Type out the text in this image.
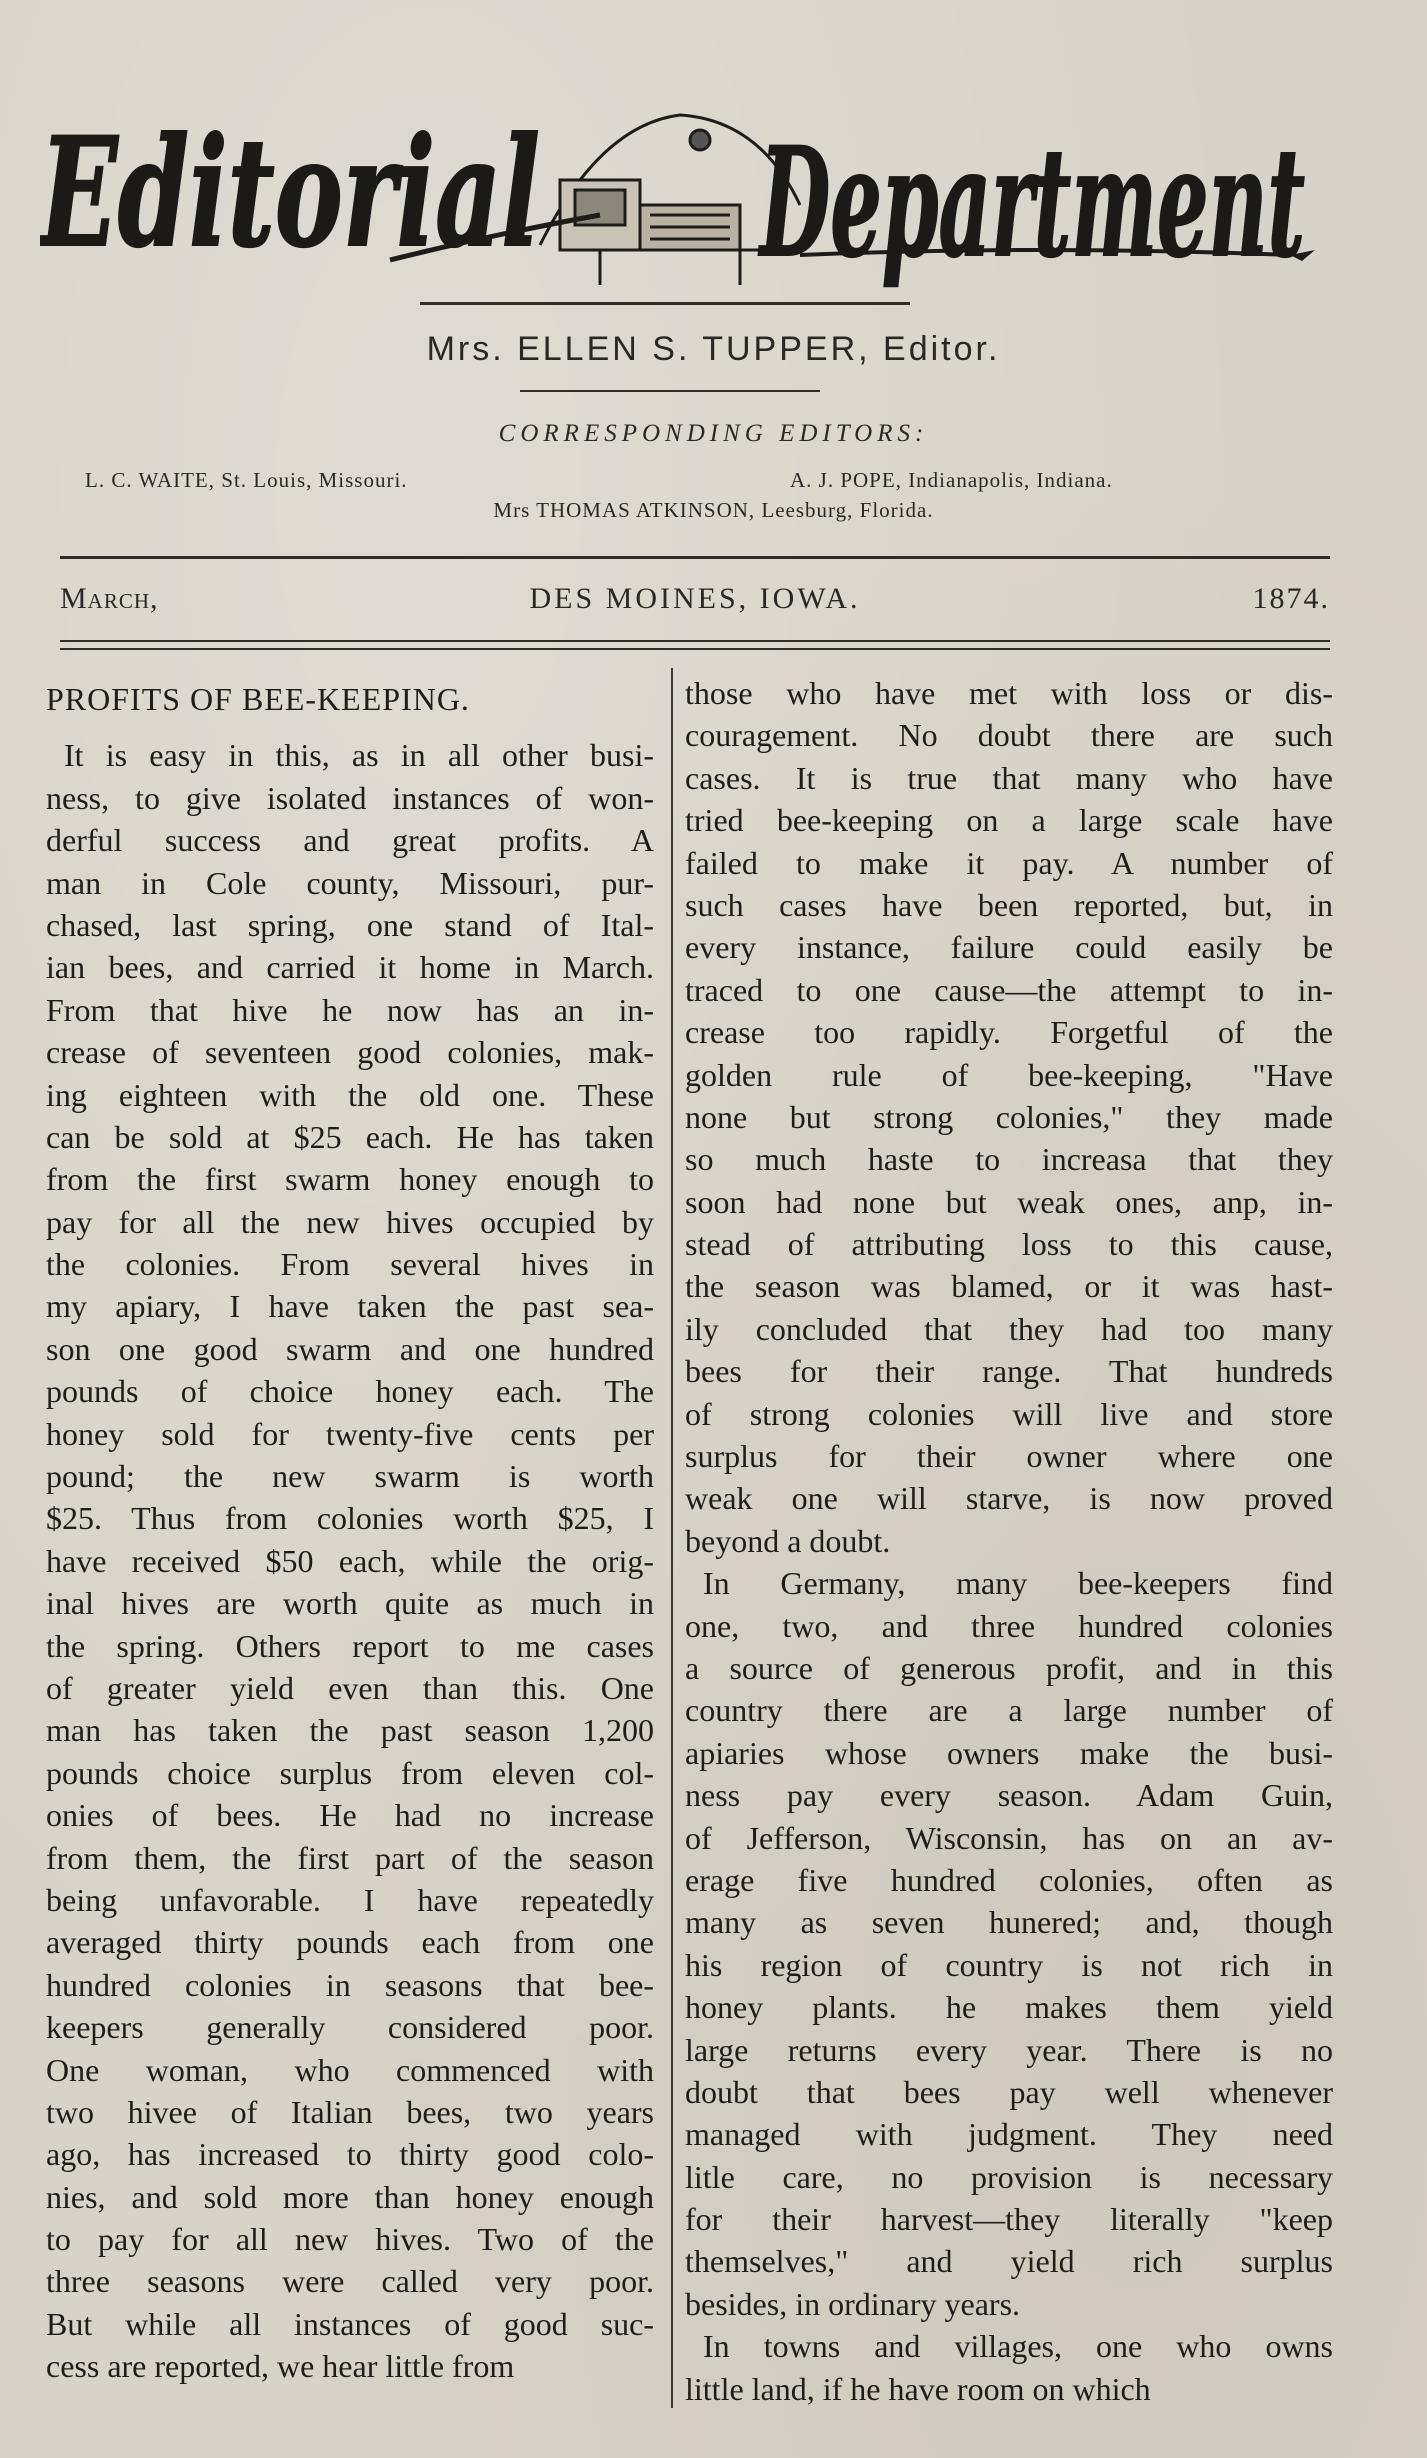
Editorial Department
Mrs. ELLEN S. TUPPER, Editor.
CORRESPONDING EDITORS:
L. C. WAITE, St. Louis, Missouri.	A. J. POPE, Indianapolis, Indiana.
Mrs THOMAS ATKINSON, Leesburg, Florida.
March,	DES MOINES, IOWA.	1874.
PROFITS OF BEE-KEEPING.
It is easy in this, as in all other busi-
ness, to give isolated instances of won-
derful success and great profits. A
man in Cole county, Missouri, pur-
chased, last spring, one stand of Ital-
ian bees, and carried it home in March.
From that hive he now has an in-
crease of seventeen good colonies, mak-
ing eighteen with the old one. These
can be sold at $25 each. He has taken
from the first swarm honey enough to
pay for all the new hives occupied by
the colonies. From several hives in
my apiary, I have taken the past sea-
son one good swarm and one hundred
pounds of choice honey each. The
honey sold for twenty-five cents per
pound; the new swarm is worth
$25. Thus from colonies worth $25, I
have received $50 each, while the orig-
inal hives are worth quite as much in
the spring. Others report to me cases
of greater yield even than this. One
man has taken the past season 1,200
pounds choice surplus from eleven col-
onies of bees. He had no increase
from them, the first part of the season
being unfavorable. I have repeatedly
averaged thirty pounds each from one
hundred colonies in seasons that bee-
keepers generally considered poor.
One woman, who commenced with
two hivee of Italian bees, two years
ago, has increased to thirty good colo-
nies, and sold more than honey enough
to pay for all new hives. Two of the
three seasons were called very poor.
But while all instances of good suc-
cess are reported, we hear little from
those who have met with loss or dis-
couragement. No doubt there are such
cases. It is true that many who have
tried bee-keeping on a large scale have
failed to make it pay. A number of
such cases have been reported, but, in
every instance, failure could easily be
traced to one cause—the attempt to in-
crease too rapidly. Forgetful of the
golden rule of bee-keeping, "Have
none but strong colonies," they made
so much haste to increasa that they
soon had none but weak ones, anp, in-
stead of attributing loss to this cause,
the season was blamed, or it was hast-
ily concluded that they had too many
bees for their range. That hundreds
of strong colonies will live and store
surplus for their owner where one
weak one will starve, is now proved
beyond a doubt.
In Germany, many bee-keepers find
one, two, and three hundred colonies
a source of generous profit, and in this
country there are a large number of
apiaries whose owners make the busi-
ness pay every season. Adam Guin,
of Jefferson, Wisconsin, has on an av-
erage five hundred colonies, often as
many as seven hunered; and, though
his region of country is not rich in
honey plants. he makes them yield
large returns every year. There is no
doubt that bees pay well whenever
managed with judgment. They need
litle care, no provision is necessary
for their harvest—they literally "keep
themselves," and yield rich surplus
besides, in ordinary years.
In towns and villages, one who owns
little land, if he have room on which
